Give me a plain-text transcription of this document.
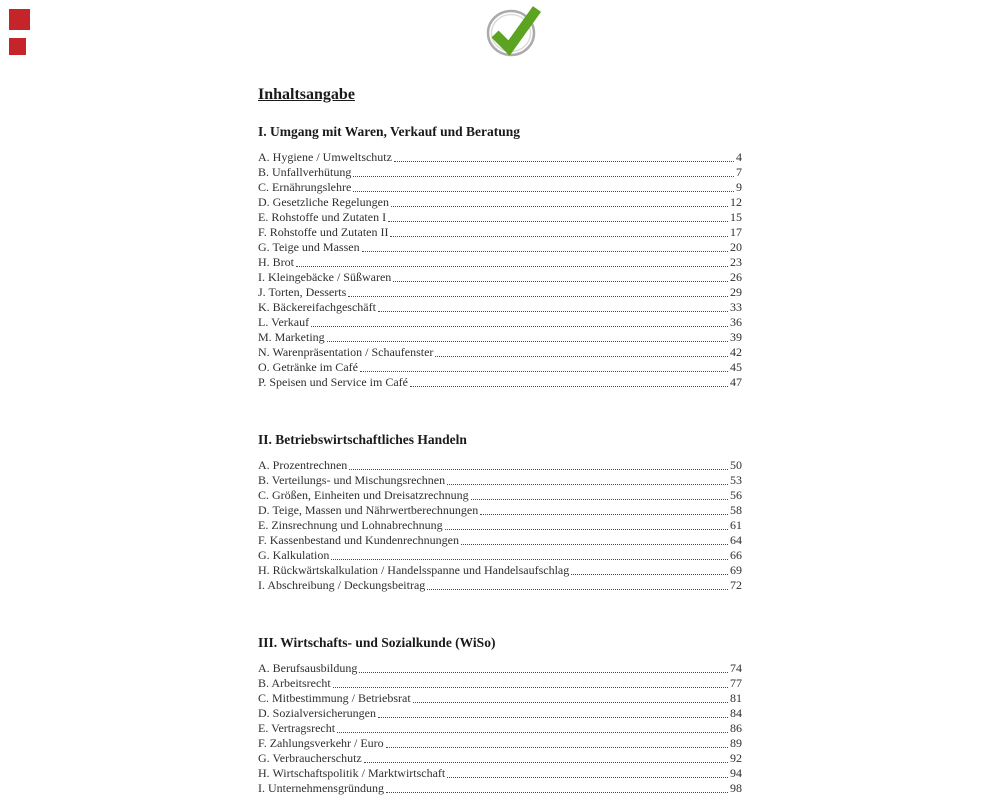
Inhaltsangabe
I. Umgang mit Waren, Verkauf und Beratung
A. Hygiene / Umweltschutz	4
B. Unfallverhütung	7
C. Ernährungslehre	9
D. Gesetzliche Regelungen	12
E. Rohstoffe und Zutaten I	15
F. Rohstoffe und Zutaten II	17
G. Teige und Massen	20
H. Brot	23
I. Kleingebäcke / Süßwaren	26
J. Torten, Desserts	29
K. Bäckereifachgeschäft	33
L. Verkauf	36
M. Marketing	39
N. Warenpräsentation / Schaufenster	42
O. Getränke im Café	45
P. Speisen und Service im Café	47
II. Betriebswirtschaftliches Handeln
A. Prozentrechnen	50
B. Verteilungs- und Mischungsrechnen	53
C. Größen, Einheiten und Dreisatzrechnung	56
D. Teige, Massen und Nährwertberechnungen	58
E. Zinsrechnung und Lohnabrechnung	61
F. Kassenbestand und Kundenrechnungen	64
G. Kalkulation	66
H. Rückwärtskalkulation / Handelsspanne und Handelsaufschlag	69
I. Abschreibung / Deckungsbeitrag	72
III. Wirtschafts- und Sozialkunde (WiSo)
A. Berufsausbildung	74
B. Arbeitsrecht	77
C. Mitbestimmung / Betriebsrat	81
D. Sozialversicherungen	84
E. Vertragsrecht	86
F. Zahlungsverkehr / Euro	89
G. Verbraucherschutz	92
H. Wirtschaftspolitik / Marktwirtschaft	94
I. Unternehmensgründung	98
